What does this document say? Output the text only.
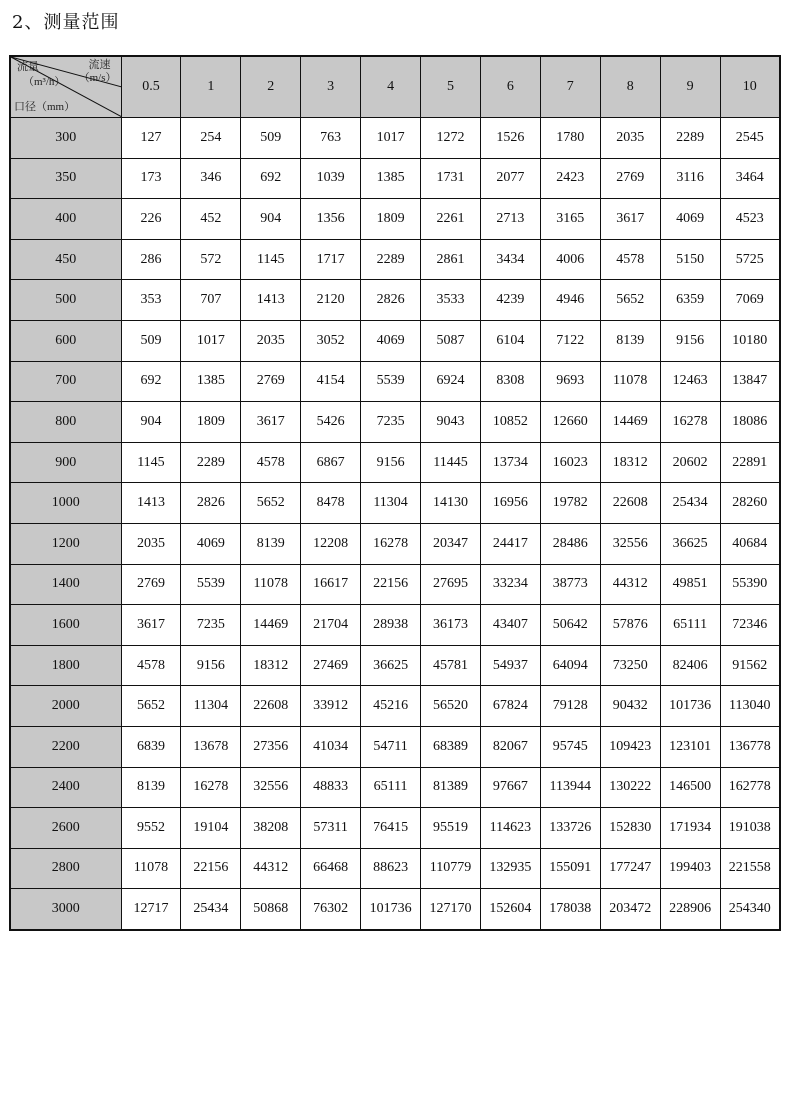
2、测量范围
流量
（m³/h）
流速
（m/s）
口径（mm）	0.5	1	2	3	4	5	6	7	8	9	10
300	127	254	509	763	1017	1272	1526	1780	2035	2289	2545
350	173	346	692	1039	1385	1731	2077	2423	2769	3116	3464
400	226	452	904	1356	1809	2261	2713	3165	3617	4069	4523
450	286	572	1145	1717	2289	2861	3434	4006	4578	5150	5725
500	353	707	1413	2120	2826	3533	4239	4946	5652	6359	7069
600	509	1017	2035	3052	4069	5087	6104	7122	8139	9156	10180
700	692	1385	2769	4154	5539	6924	8308	9693	11078	12463	13847
800	904	1809	3617	5426	7235	9043	10852	12660	14469	16278	18086
900	1145	2289	4578	6867	9156	11445	13734	16023	18312	20602	22891
1000	1413	2826	5652	8478	11304	14130	16956	19782	22608	25434	28260
1200	2035	4069	8139	12208	16278	20347	24417	28486	32556	36625	40684
1400	2769	5539	11078	16617	22156	27695	33234	38773	44312	49851	55390
1600	3617	7235	14469	21704	28938	36173	43407	50642	57876	65111	72346
1800	4578	9156	18312	27469	36625	45781	54937	64094	73250	82406	91562
2000	5652	11304	22608	33912	45216	56520	67824	79128	90432	101736	113040
2200	6839	13678	27356	41034	54711	68389	82067	95745	109423	123101	136778
2400	8139	16278	32556	48833	65111	81389	97667	113944	130222	146500	162778
2600	9552	19104	38208	57311	76415	95519	114623	133726	152830	171934	191038
2800	11078	22156	44312	66468	88623	110779	132935	155091	177247	199403	221558
3000	12717	25434	50868	76302	101736	127170	152604	178038	203472	228906	254340
